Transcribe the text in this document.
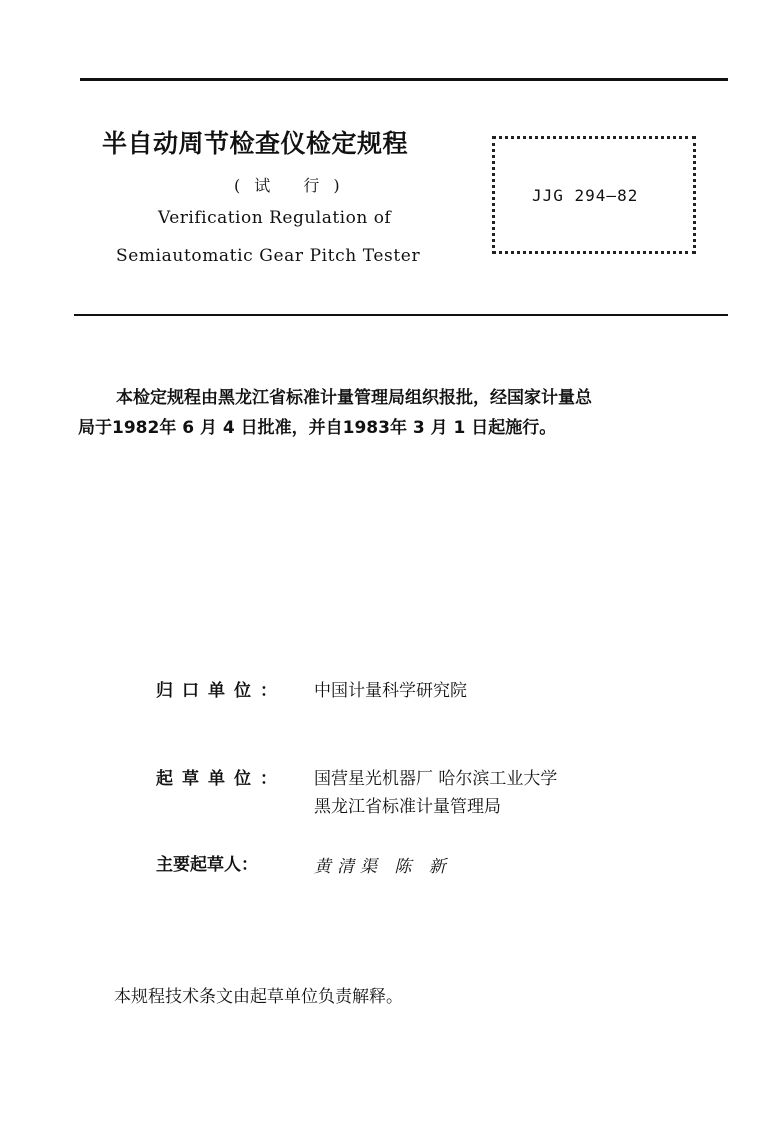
半自动周节检查仪检定规程
(试 行)
Verification Regulation of
Semiautomatic Gear Pitch Tester
JJG 294—82
本检定规程由黑龙江省标准计量管理局组织报批，经国家计量总
局于1982年 6 月 4 日批准，并自1983年 3 月 1 日起施行。
归口单位： 中国计量科学研究院
起草单位： 国营星光机器厂 哈尔滨工业大学
黑龙江省标准计量管理局
主要起草人：	黄清渠 陈 新
本规程技术条文由起草单位负责解释。
